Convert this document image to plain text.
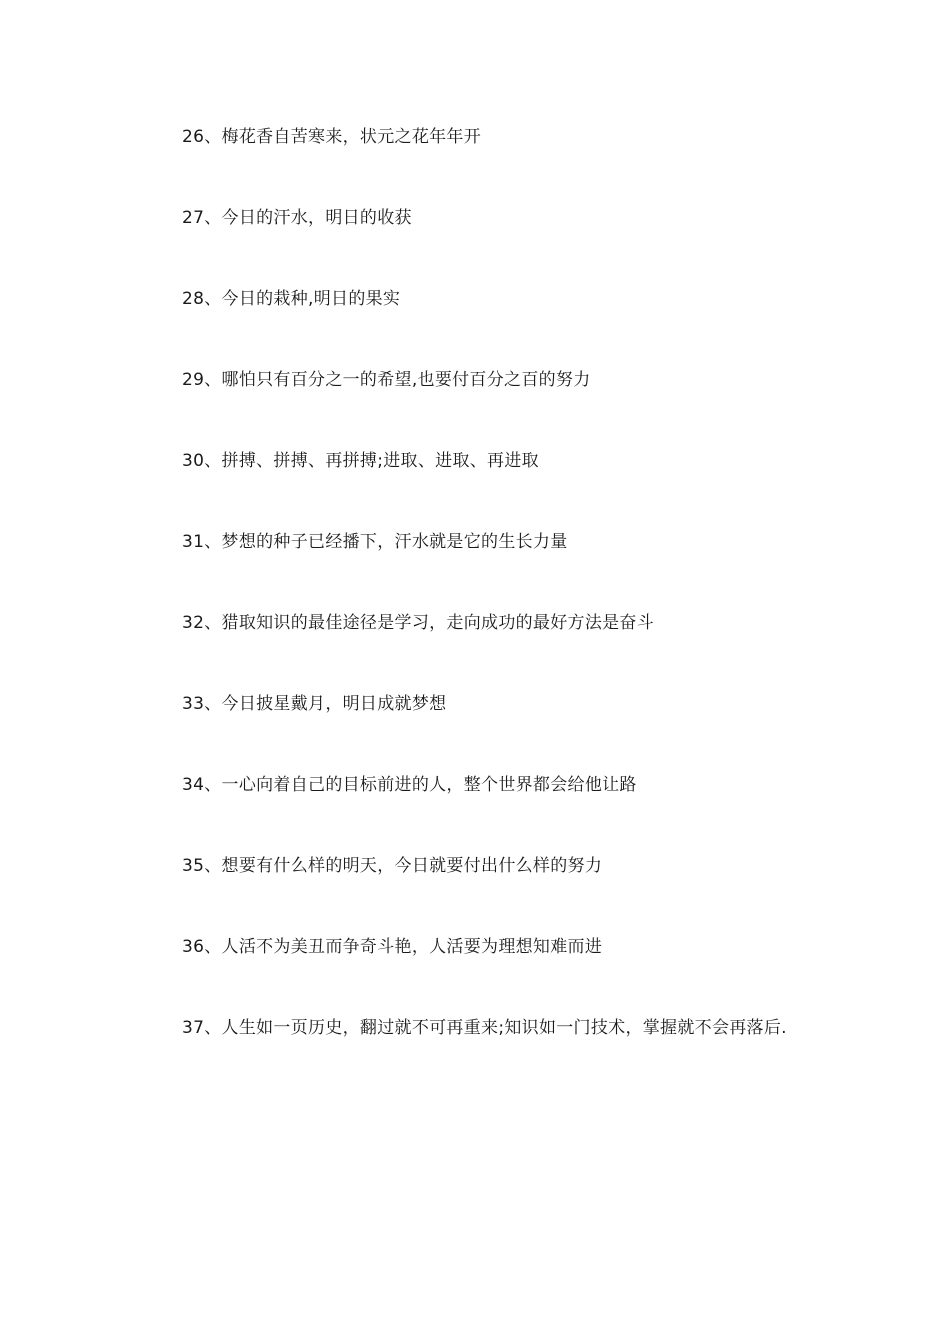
26、梅花香自苦寒来，状元之花年年开

27、今日的汗水，明日的收获

28、今日的栽种,明日的果实

29、哪怕只有百分之一的希望,也要付百分之百的努力

30、拼搏、拼搏、再拼搏;进取、进取、再进取

31、梦想的种子已经播下，汗水就是它的生长力量

32、猎取知识的最佳途径是学习，走向成功的最好方法是奋斗

33、今日披星戴月，明日成就梦想

34、一心向着自己的目标前进的人，整个世界都会给他让路

35、想要有什么样的明天，今日就要付出什么样的努力

36、人活不为美丑而争奇斗艳，人活要为理想知难而进

37、人生如一页历史，翻过就不可再重来;知识如一门技术，掌握就不会再落后.
